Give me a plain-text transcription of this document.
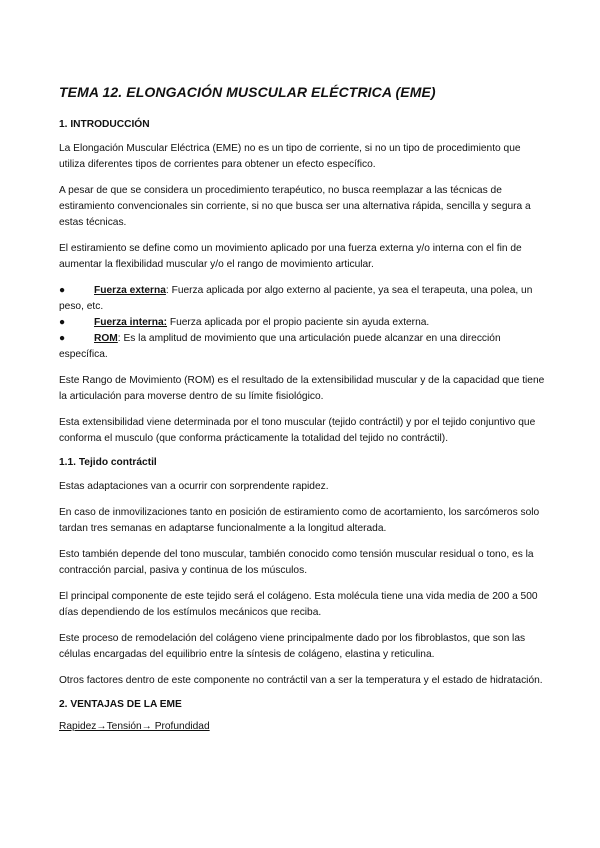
TEMA 12. ELONGACIÓN MUSCULAR ELÉCTRICA (EME)
1. INTRODUCCIÓN
La Elongación Muscular Eléctrica (EME) no es un tipo de corriente, si no un tipo de procedimiento que utiliza diferentes tipos de corrientes para obtener un efecto específico.
A pesar de que se considera un procedimiento terapéutico, no busca reemplazar a las técnicas de estiramiento convencionales sin corriente, si no que busca ser una alternativa rápida, sencilla y segura a estas técnicas.
El estiramiento se define como un movimiento aplicado por una fuerza externa y/o interna con el fin de aumentar la flexibilidad muscular y/o el rango de movimiento articular.
●	Fuerza externa: Fuerza aplicada por algo externo al paciente, ya sea el terapeuta, una polea, un peso, etc.
●	Fuerza interna: Fuerza aplicada por el propio paciente sin ayuda externa.
●	ROM: Es la amplitud de movimiento que una articulación puede alcanzar en una dirección específica.
Este Rango de Movimiento (ROM) es el resultado de la extensibilidad muscular y de la capacidad que tiene la articulación para moverse dentro de su límite fisiológico.
Esta extensibilidad viene determinada por el tono muscular (tejido contráctil) y por el tejido conjuntivo que conforma el musculo (que conforma prácticamente la totalidad del tejido no contráctil).
1.1. Tejido contráctil
Estas adaptaciones van a ocurrir con sorprendente rapidez.
En caso de inmovilizaciones tanto en posición de estiramiento como de acortamiento, los sarcómeros solo tardan tres semanas en adaptarse funcionalmente a la longitud alterada.
Esto también depende del tono muscular, también conocido como tensión muscular residual o tono, es la contracción parcial, pasiva y continua de los músculos.
El principal componente de este tejido será el colágeno. Esta molécula tiene una vida media de 200 a 500 días dependiendo de los estímulos mecánicos que reciba.
Este proceso de remodelación del colágeno viene principalmente dado por los fibroblastos, que son las células encargadas del equilibrio entre la síntesis de colágeno, elastina y reticulina.
Otros factores dentro de este componente no contráctil van a ser la temperatura y el estado de hidratación.
2. VENTAJAS DE LA EME
Rapidez→Tensión→ Profundidad
